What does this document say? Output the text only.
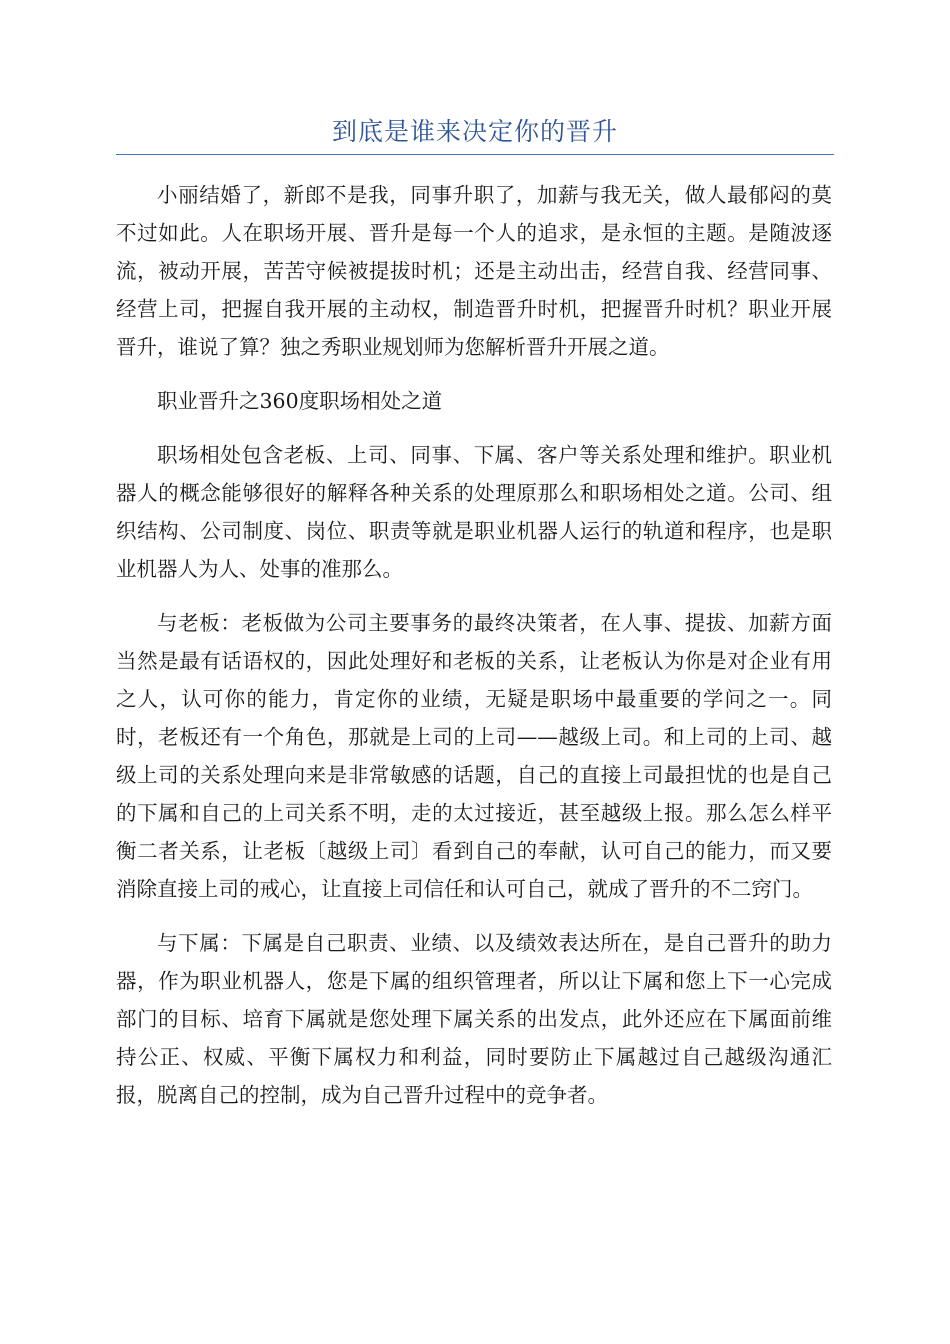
到底是谁来决定你的晋升

小丽结婚了，新郎不是我，同事升职了，加薪与我无关，做人最郁闷的莫不过如此。人在职场开展、晋升是每一个人的追求，是永恒的主题。是随波逐流，被动开展，苦苦守候被提拔时机；还是主动出击，经营自我、经营同事、经营上司，把握自我开展的主动权，制造晋升时机，把握晋升时机？职业开展晋升，谁说了算？独之秀职业规划师为您解析晋升开展之道。

职业晋升之360度职场相处之道

职场相处包含老板、上司、同事、下属、客户等关系处理和维护。职业机器人的概念能够很好的解释各种关系的处理原那么和职场相处之道。公司、组织结构、公司制度、岗位、职责等就是职业机器人运行的轨道和程序，也是职业机器人为人、处事的准那么。

与老板：老板做为公司主要事务的最终决策者，在人事、提拔、加薪方面当然是最有话语权的，因此处理好和老板的关系，让老板认为你是对企业有用之人，认可你的能力，肯定你的业绩，无疑是职场中最重要的学问之一。同时，老板还有一个角色，那就是上司的上司——越级上司。和上司的上司、越级上司的关系处理向来是非常敏感的话题，自己的直接上司最担忧的也是自己的下属和自己的上司关系不明，走的太过接近，甚至越级上报。那么怎么样平衡二者关系，让老板〔越级上司〕看到自己的奉献，认可自己的能力，而又要消除直接上司的戒心，让直接上司信任和认可自己，就成了晋升的不二窍门。

与下属：下属是自己职责、业绩、以及绩效表达所在，是自己晋升的助力器，作为职业机器人，您是下属的组织管理者，所以让下属和您上下一心完成部门的目标、培育下属就是您处理下属关系的出发点，此外还应在下属面前维持公正、权威、平衡下属权力和利益，同时要防止下属越过自己越级沟通汇报，脱离自己的控制，成为自己晋升过程中的竞争者。
